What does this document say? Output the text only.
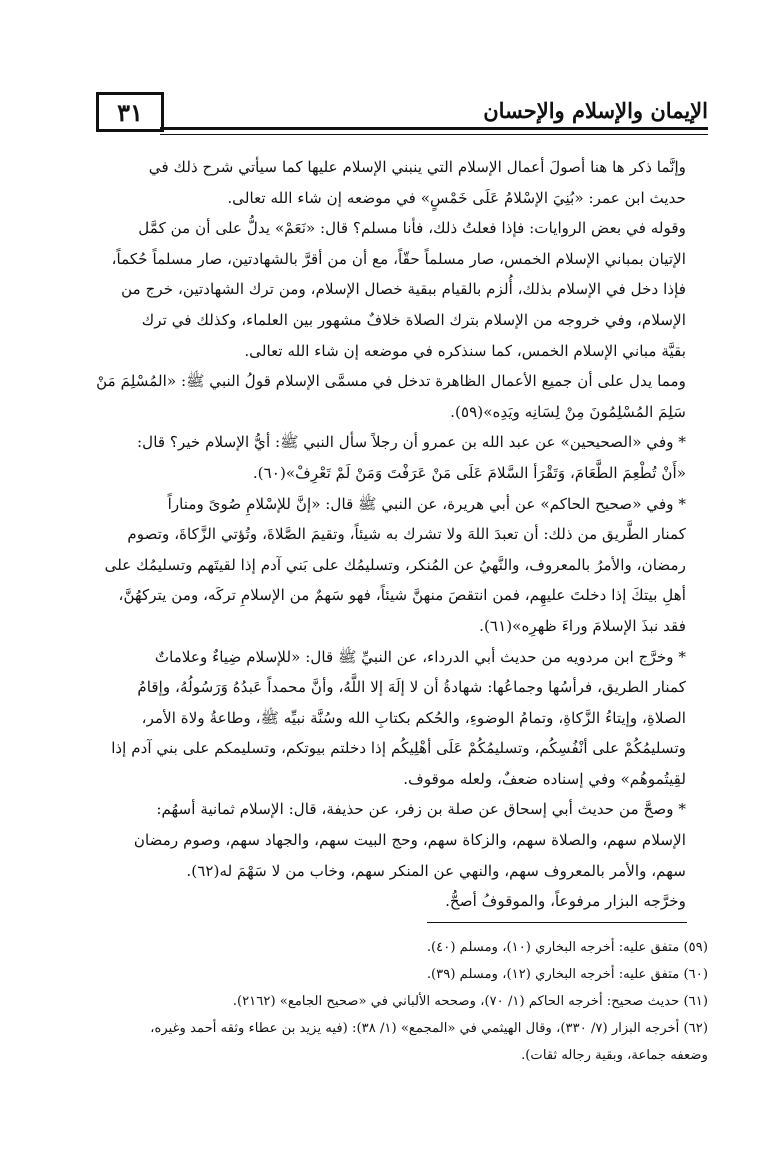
الإيمان والإسلام والإحسان
٣١

وإنَّما ذكر ها هنا أصولَ أعمال الإسلام التي ينبني الإسلام عليها كما سيأتي شرح ذلك في
حديث ابن عمر: «بُنِيَ الإسْلامُ عَلَى خَمْسٍ» في موضعه إن شاء الله تعالى.

وقوله في بعض الروايات: فإذا فعلتُ ذلك، فأنا مسلم؟ قال: «نَعَمْ» يدلُّ على أن من كمَّل
الإتيان بمباني الإسلام الخمس، صار مسلماً حقّاً، مع أن من أقرَّ بالشهادتين، صار مسلماً حُكماً،
فإذا دخل في الإسلام بذلك، أُلزم بالقيام ببقية خصال الإسلام، ومن ترك الشهادتين، خرج من
الإسلام، وفي خروجه من الإسلام بترك الصلاة خلافٌ مشهور بين العلماء، وكذلك في ترك
بقيَّة مباني الإسلام الخمس، كما سنذكره في موضعه إن شاء الله تعالى.

ومما يدل على أن جميع الأعمال الظاهرة تدخل في مسمَّى الإسلام قولُ النبي ﷺ: «المُسْلِمَ مَنْ
سَلِمَ المُسْلِمُونَ مِنْ لِسَانِه ويَدِه»(٥٩).

* وفي «الصحيحين» عن عبد الله بن عمرو أن رجلاً سأل النبي ﷺ: أيُّ الإسلام خير؟ قال:
«أَنْ تُطْعِمَ الطَّعَامَ، وَتَقْرَأ السَّلامَ عَلَى مَنْ عَرَفْتَ وَمَنْ لَمْ تَعْرِفْ»(٦٠).

* وفي «صحيح الحاكم» عن أبي هريرة، عن النبي ﷺ قال: «إنَّ للإسْلامِ صُوىً ومناراً
كمنار الطَّريق من ذلك: أن تعبدَ اللهَ ولا تشرك به شيئاً، وتقيمَ الصَّلاةَ، وتُؤتي الزَّكاةَ، وتصوم
رمضان، والأمرُ بالمعروف، والنَّهيُ عن المُنكر، وتسليمُك على بَني آدم إذا لقيتَهم وتسليمُك على
أهلِ بيتكَ إذا دخلتَ عليهِم، فمن انتقصَ منهنَّ شيئاً، فهو سَهمٌ من الإسلامِ تركَه، ومن يتركهُنَّ،
فقد نبذَ الإسلامَ وراءَ ظهرِه»(٦١).

* وخرَّج ابن مردويه من حديث أبي الدرداء، عن النبيِّ ﷺ قال: «للإسلام ضِياءٌ وعلاماتٌ
كمنار الطريق، فرأسُها وجماعُها: شهادةُ أن لا إلَهَ إلا اللَّهُ، وأنَّ محمداً عَبدُهُ وَرَسُولُهُ، وإقامُ
الصلاةِ، وإيتاءُ الزَّكاةِ، وتمامُ الوضوءِ، والحُكم بكتابِ الله وسُنَّة نبيِّه ﷺ، وطاعةُ ولاة الأمر،
وتسليمُكُمْ على أنْفُسِكُم، وتسليمُكُمْ عَلَى أهْلِيكُم إذا دخلتم بيوتكم، وتسليمكم على بني آدم إذا
لقِيتُموهُم» وفي إسناده ضعفٌ، ولعله موقوف.

* وصحَّ من حديث أبي إسحاق عن صلة بن زفر، عن حذيفة، قال: الإسلام ثمانية أسهُم:
الإسلام سهم، والصلاة سهم، والزكاة سهم، وحج البيت سهم، والجهاد سهم، وصوم رمضان
سهم، والأمر بالمعروف سهم، والنهي عن المنكر سهم، وخاب من لا سَهْمَ له(٦٢).

وخرَّجه البزار مرفوعاً، والموقوفُ أصحُّ.

(٥٩) متفق عليه: أخرجه البخاري (١٠)، ومسلم (٤٠).

(٦٠) متفق عليه: أخرجه البخاري (١٢)، ومسلم (٣٩).

(٦١) حديث صحيح: أخرجه الحاكم (١/ ٧٠)، وصححه الألباني في «صحيح الجامع» (٢١٦٢).

(٦٢) أخرجه البزار (٧/ ٣٣٠)، وقال الهيثمي في «المجمع» (١/ ٣٨): (فيه يزيد بن عطاء وثقه أحمد وغيره،

وضعفه جماعة، وبقية رجاله ثقات).
